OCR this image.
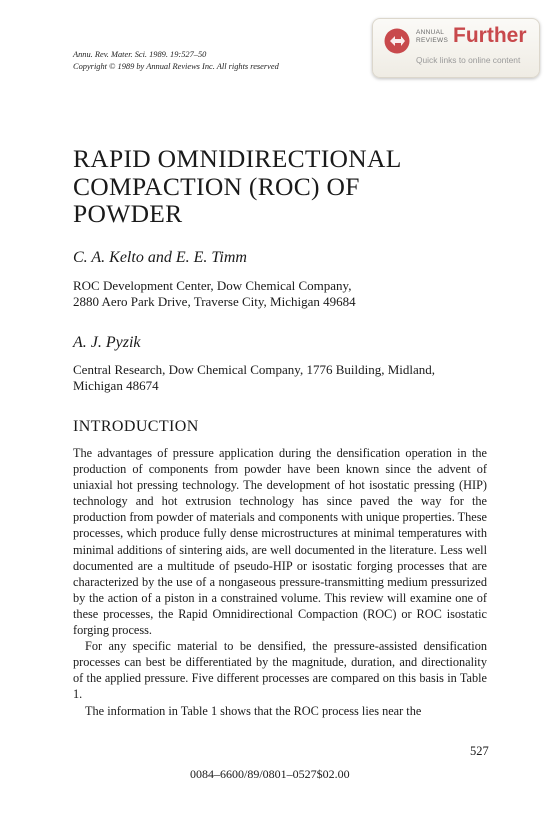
Annu. Rev. Mater. Sci. 1989. 19:527–50
Copyright © 1989 by Annual Reviews Inc. All rights reserved
ANNUAL
REVIEWS Further
Quick links to online content
RAPID OMNIDIRECTIONAL COMPACTION (ROC) OF POWDER
C. A. Kelto and E. E. Timm
ROC Development Center, Dow Chemical Company,
2880 Aero Park Drive, Traverse City, Michigan 49684
A. J. Pyzik
Central Research, Dow Chemical Company, 1776 Building, Midland,
Michigan 48674
INTRODUCTION

The advantages of pressure application during the densification operation in the production of components from powder have been known since the advent of uniaxial hot pressing technology. The development of hot isostatic pressing (HIP) technology and hot extrusion technology has since paved the way for the production from powder of materials and components with unique properties. These processes, which produce fully dense microstructures at minimal temperatures with minimal additions of sintering aids, are well documented in the literature. Less well documented are a multitude of pseudo-HIP or isostatic forging processes that are characterized by the use of a nongaseous pressure-transmitting medium pressurized by the action of a piston in a constrained volume. This review will examine one of these processes, the Rapid Omnidirectional Compaction (ROC) or ROC isostatic forging process.

For any specific material to be densified, the pressure-assisted densification processes can best be differentiated by the magnitude, duration, and directionality of the applied pressure. Five different processes are compared on this basis in Table 1.

The information in Table 1 shows that the ROC process lies near the

527
0084–6600/89/0801–0527$02.00
